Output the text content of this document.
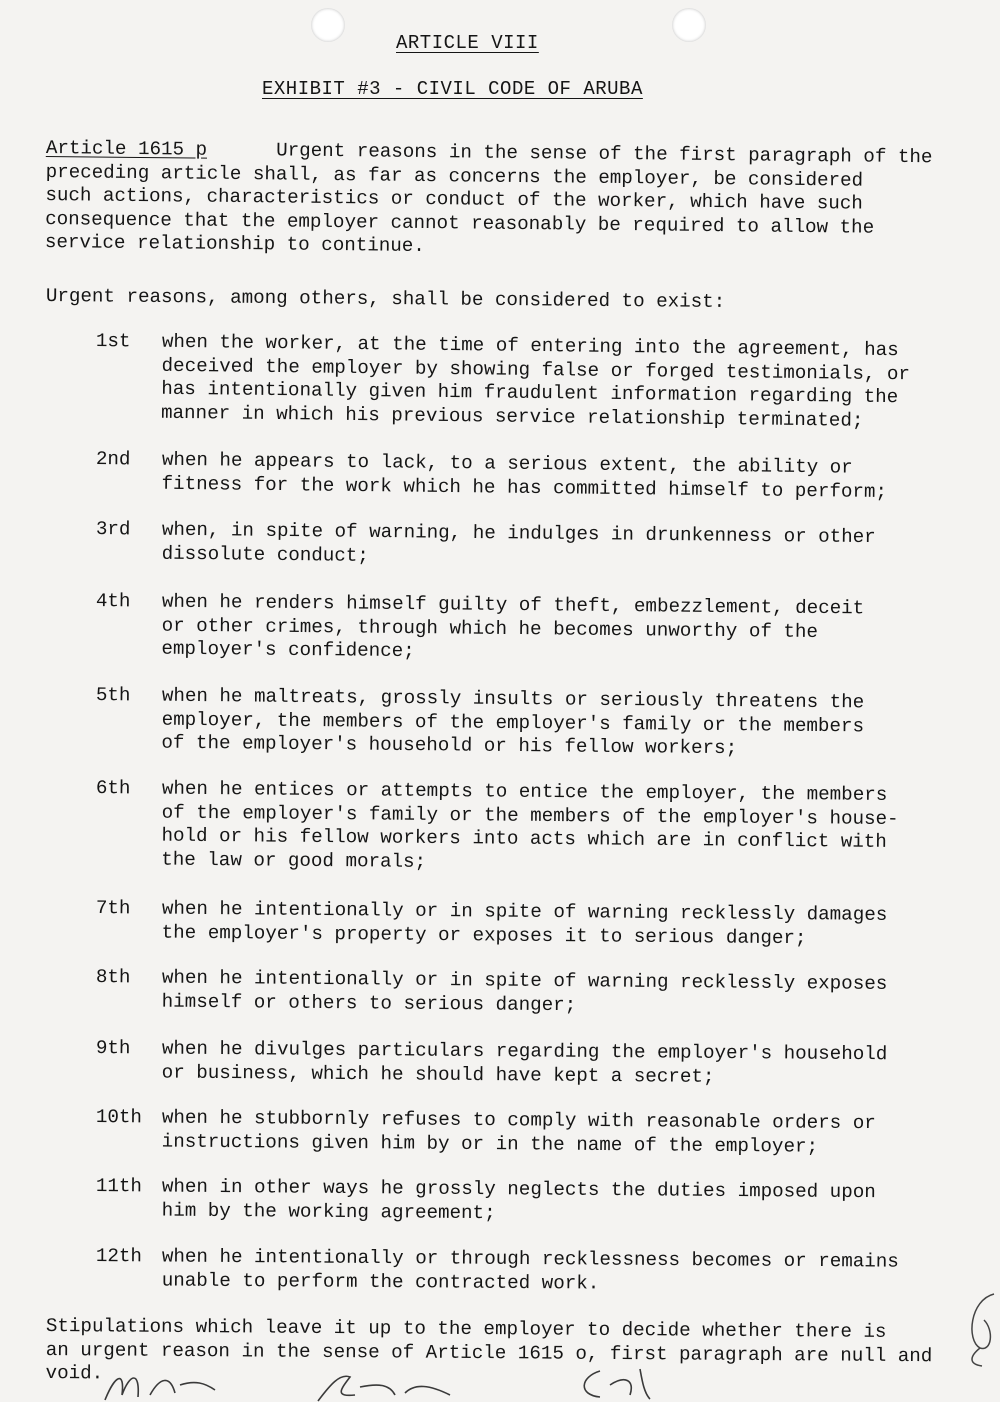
ARTICLE VIII
EXHIBIT #3 - CIVIL CODE OF ARUBA
Article 1615 p      Urgent reasons in the sense of the first paragraph of the
preceding article shall, as far as concerns the employer, be considered
such actions, characteristics or conduct of the worker, which have such
consequence that the employer cannot reasonably be required to allow the
service relationship to continue.
Urgent reasons, among others, shall be considered to exist:
1st	when the worker, at the time of entering into the agreement, has
deceived the employer by showing false or forged testimonials, or
has intentionally given him fraudulent information regarding the
manner in which his previous service relationship terminated;
2nd	when he appears to lack, to a serious extent, the ability or
fitness for the work which he has committed himself to perform;
3rd	when, in spite of warning, he indulges in drunkenness or other
dissolute conduct;
4th	when he renders himself guilty of theft, embezzlement, deceit
or other crimes, through which he becomes unworthy of the
employer's confidence;
5th	when he maltreats, grossly insults or seriously threatens the
employer, the members of the employer's family or the members
of the employer's household or his fellow workers;
6th	when he entices or attempts to entice the employer, the members
of the employer's family or the members of the employer's house-
hold or his fellow workers into acts which are in conflict with
the law or good morals;
7th	when he intentionally or in spite of warning recklessly damages
the employer's property or exposes it to serious danger;
8th	when he intentionally or in spite of warning recklessly exposes
himself or others to serious danger;
9th	when he divulges particulars regarding the employer's household
or business, which he should have kept a secret;
10th	when he stubbornly refuses to comply with reasonable orders or
instructions given him by or in the name of the employer;
11th	when in other ways he grossly neglects the duties imposed upon
him by the working agreement;
12th	when he intentionally or through recklessness becomes or remains
unable to perform the contracted work.
Stipulations which leave it up to the employer to decide whether there is
an urgent reason in the sense of Article 1615 o, first paragraph are null and
void.
